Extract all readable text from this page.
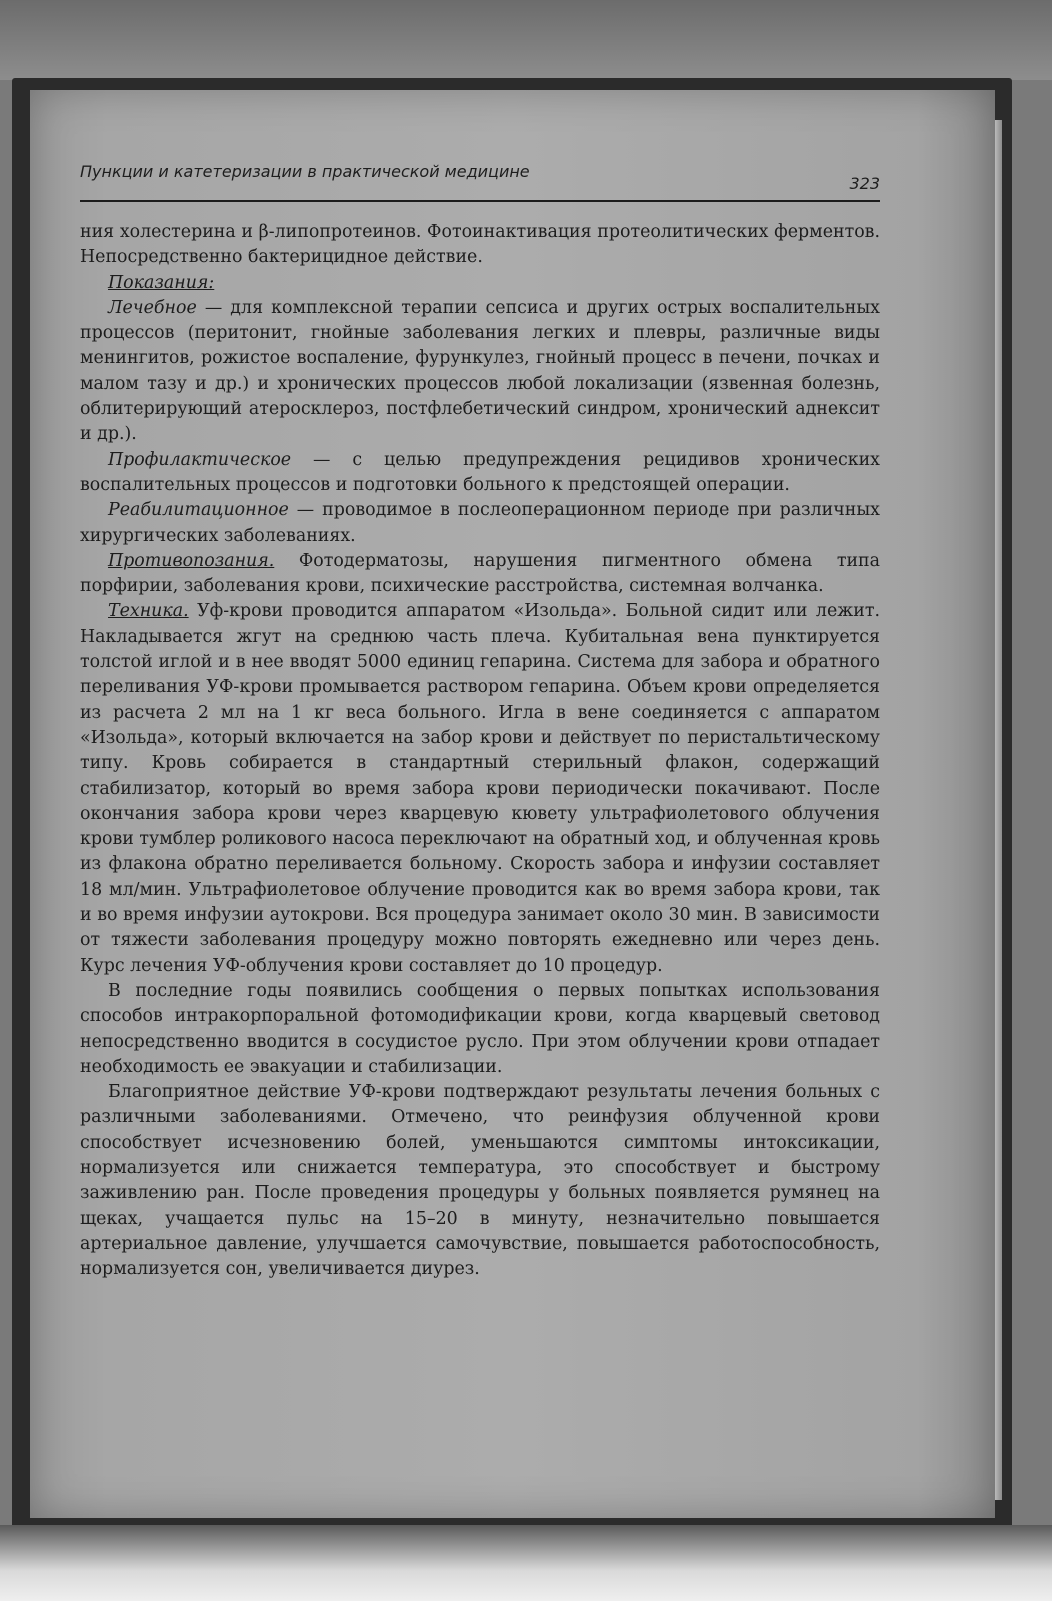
Пункции и катетеризации в практической медицине
323

ния холестерина и β-липопротеинов. Фотоинактивация протеолитических ферментов. Непосредственно бактерицидное действие.

Показания:

Лечебное — для комплексной терапии сепсиса и других острых воспалительных процессов (перитонит, гнойные заболевания легких и плевры, различные виды менингитов, рожистое воспаление, фурункулез, гнойный процесс в печени, почках и малом тазу и др.) и хронических процессов любой локализации (язвенная болезнь, облитерирующий атеросклероз, постфлебетический синдром, хронический аднексит и др.).

Профилактическое — с целью предупреждения рецидивов хронических воспалительных процессов и подготовки больного к предстоящей операции.

Реабилитационное — проводимое в послеоперационном периоде при различных хирургических заболеваниях.

Противопозания. Фотодерматозы, нарушения пигментного обмена типа порфирии, заболевания крови, психические расстройства, системная волчанка.

Техника. Уф-крови проводится аппаратом «Изольда». Больной сидит или лежит. Накладывается жгут на среднюю часть плеча. Кубитальная вена пунктируется толстой иглой и в нее вводят 5000 единиц гепарина. Система для забора и обратного переливания УФ-крови промывается раствором гепарина. Объем крови определяется из расчета 2 мл на 1 кг веса больного. Игла в вене соединяется с аппаратом «Изольда», который включается на забор крови и действует по перистальтическому типу. Кровь собирается в стандартный стерильный флакон, содержащий стабилизатор, который во время забора крови периодически покачивают. После окончания забора крови через кварцевую кювету ультрафиолетового облучения крови тумблер роликового насоса переключают на обратный ход, и облученная кровь из флакона обратно переливается больному. Скорость забора и инфузии составляет 18 мл/мин. Ультрафиолетовое облучение проводится как во время забора крови, так и во время инфузии аутокрови. Вся процедура занимает около 30 мин. В зависимости от тяжести заболевания процедуру можно повторять ежедневно или через день. Курс лечения УФ-облучения крови составляет до 10 процедур.

В последние годы появились сообщения о первых попытках использования способов интракорпоральной фотомодификации крови, когда кварцевый световод непосредственно вводится в сосудистое русло. При этом облучении крови отпадает необходимость ее эвакуации и стабилизации.

Благоприятное действие УФ-крови подтверждают результаты лечения больных с различными заболеваниями. Отмечено, что реинфузия облученной крови способствует исчезновению болей, уменьшаются симптомы интоксикации, нормализуется или снижается температура, это способствует и быстрому заживлению ран. После проведения процедуры у больных появляется румянец на щеках, учащается пульс на 15–20 в минуту, незначительно повышается артериальное давление, улучшается самочувствие, повышается работоспособность, нормализуется сон, увеличивается диурез.
